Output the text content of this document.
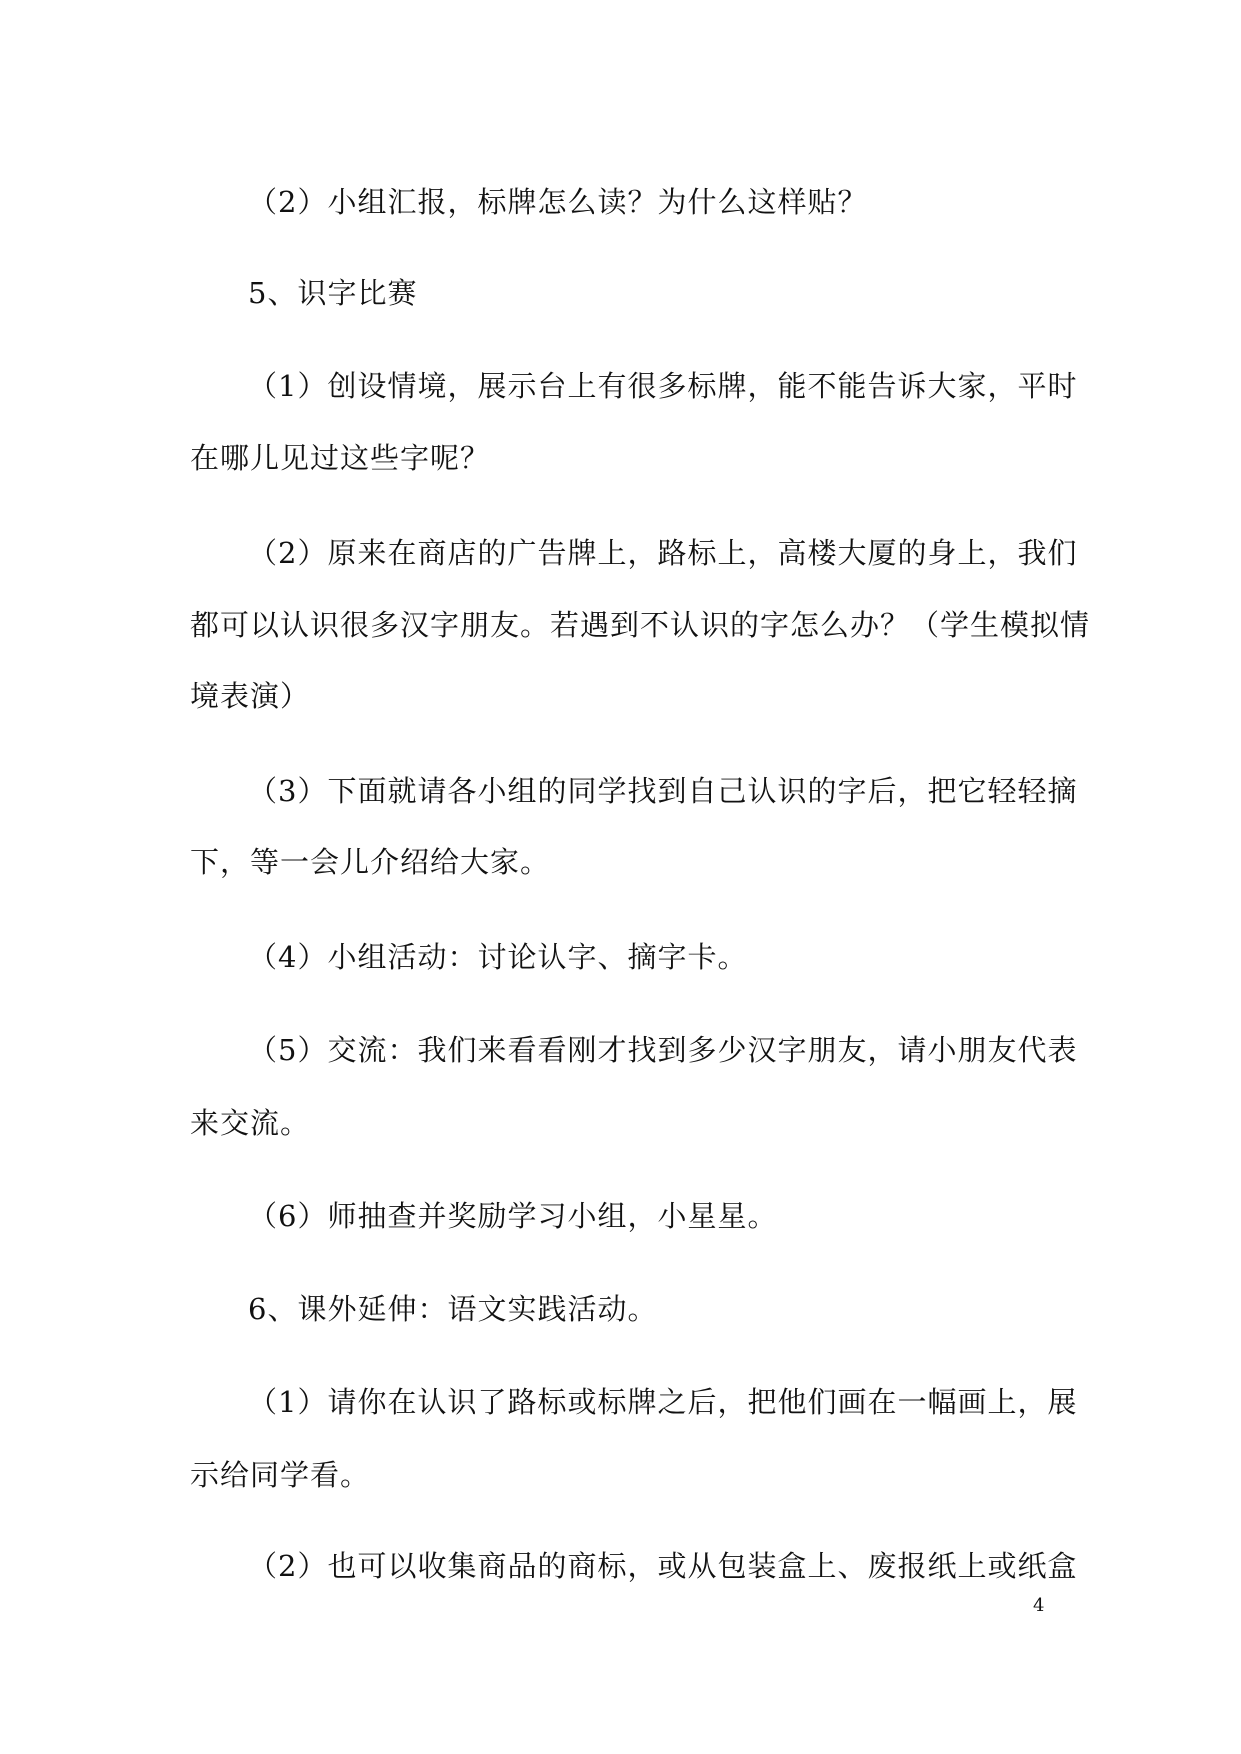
（2）小组汇报，标牌怎么读？为什么这样贴？
5、识字比赛
（1）创设情境，展示台上有很多标牌，能不能告诉大家，平时
在哪儿见过这些字呢？
（2）原来在商店的广告牌上，路标上，高楼大厦的身上，我们
都可以认识很多汉字朋友。若遇到不认识的字怎么办？（学生模拟情
境表演）
（3）下面就请各小组的同学找到自己认识的字后，把它轻轻摘
下，等一会儿介绍给大家。
（4）小组活动：讨论认字、摘字卡。
（5）交流：我们来看看刚才找到多少汉字朋友，请小朋友代表
来交流。
（6）师抽查并奖励学习小组，小星星。
6、课外延伸：语文实践活动。
（1）请你在认识了路标或标牌之后，把他们画在一幅画上，展
示给同学看。
（2）也可以收集商品的商标，或从包装盒上、废报纸上或纸盒
4
